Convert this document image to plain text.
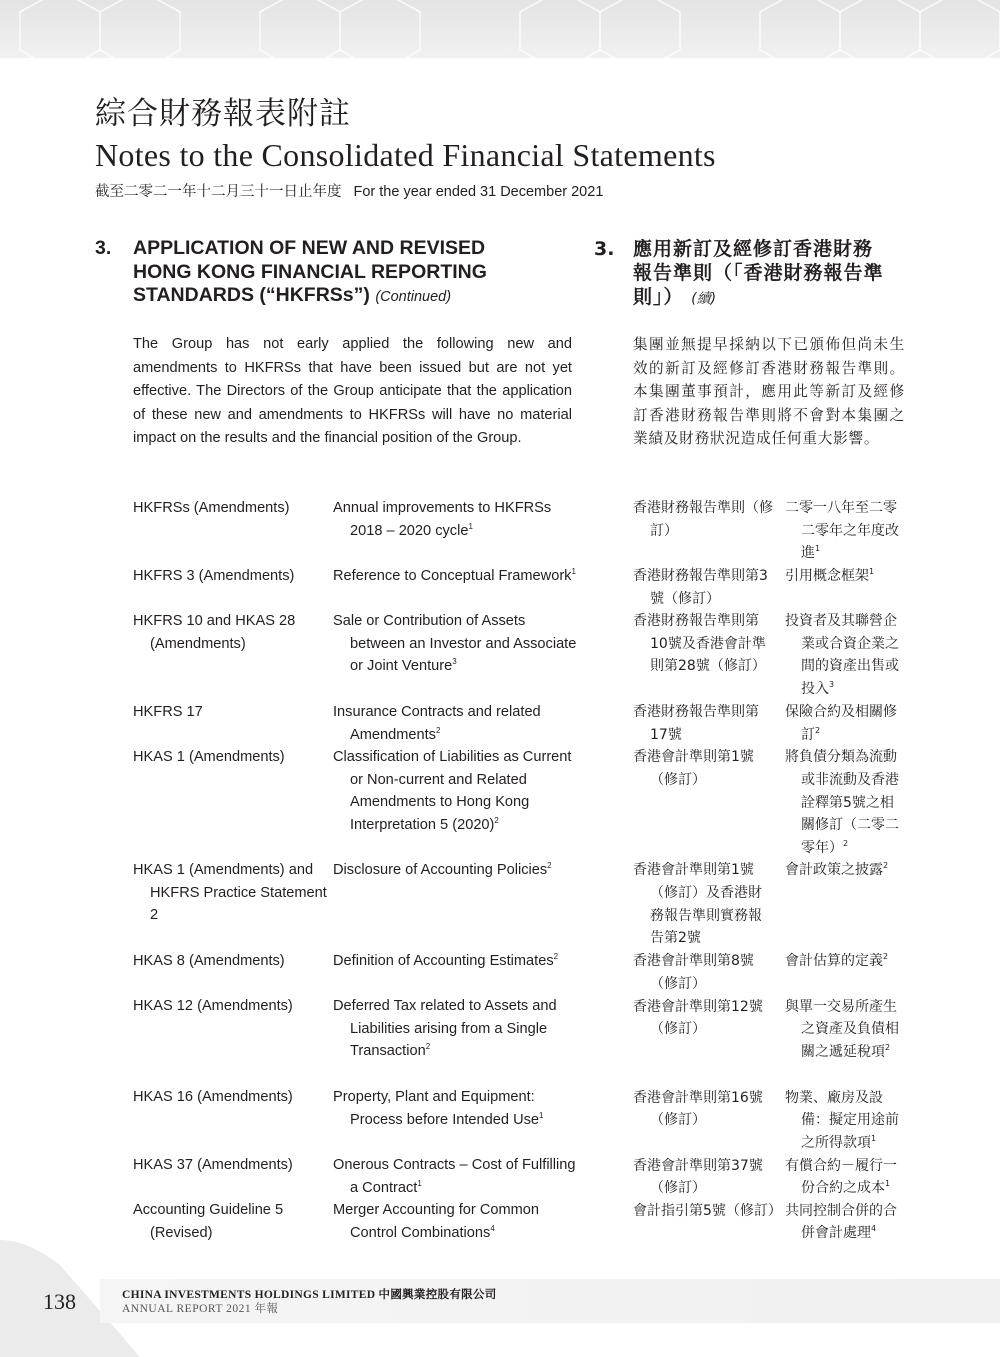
綜合財務報表附註
Notes to the Consolidated Financial Statements
截至二零二一年十二月三十一日止年度 For the year ended 31 December 2021
3. APPLICATION OF NEW AND REVISED
HONG KONG FINANCIAL REPORTING
STANDARDS (“HKFRSs”) (Continued)
3. 應用新訂及經修訂香港財務
報告準則（「香港財務報告準
則」） (續)

The Group has not early applied the following new and amendments to HKFRSs that have been issued but are not yet effective. The Directors of the Group anticipate that the application of these new and amendments to HKFRSs will have no material impact on the results and the financial position of the Group.

集團並無提早採納以下已頒佈但尚未生效的新訂及經修訂香港財務報告準則。本集團董事預計，應用此等新訂及經修訂香港財務報告準則將不會對本集團之業績及財務狀況造成任何重大影響。

HKFRSs (Amendments)	Annual improvements to HKFRSs 2018 – 2020 cycle$^1$

HKFRS 3 (Amendments)	Reference to Conceptual Framework$^1$

HKFRS 10 and HKAS 28 (Amendments)	Sale or Contribution of Assets between an Investor and Associate or Joint Venture$^3$

HKFRS 17	Insurance Contracts and related Amendments$^2$

HKAS 1 (Amendments)	Classification of Liabilities as Current or Non-current and Related Amendments to Hong Kong Interpretation 5 $(2020)^2$

HKAS 1 (Amendments) and HKFRS Practice Statement 2	Disclosure of Accounting Policies$^2$

HKAS 8 (Amendments)	Definition of Accounting Estimates$^2$

HKAS 12 (Amendments)	Deferred Tax related to Assets and Liabilities arising from a Single Transaction$^2$

HKAS 16 (Amendments)	Property, Plant and Equipment: Process before Intended Use$^1$

HKAS 37 (Amendments)	Onerous Contracts – Cost of Fulfilling a Contract$^1$

Accounting Guideline 5 (Revised)	Merger Accounting for Common Control Combinations$^4$
香港財務報告準則（修訂）	二零一八年至二零二零年之年度改進$^1$

香港財務報告準則第3號（修訂）	引用概念框架$^1$

香港財務報告準則第10號及香港會計準則第28號（修訂）	投資者及其聯營企業或合資企業之間的資產出售或投入$^3$

香港財務報告準則第17號	保險合約及相關修訂$^2$

香港會計準則第1號（修訂）	將負債分類為流動或非流動及香港詮釋第5號之相關修訂（二零二零年）$^2$

香港會計準則第1號（修訂）及香港財務報告準則實務報告第2號	會計政策之披露$^2$

香港會計準則第8號（修訂）	會計估算的定義$^2$

香港會計準則第12號（修訂）	與單一交易所產生之資產及負債相關之遞延稅項$^2$

香港會計準則第16號（修訂）	物業、廠房及設備：擬定用途前之所得款項$^1$

香港會計準則第37號（修訂）	有償合約－履行一份合約之成本$^1$

會計指引第5號（修訂）	共同控制合併的合併會計處理$^4$
138	CHINA INVESTMENTS HOLDINGS LIMITED 中國興業控股有限公司
ANNUAL REPORT 2021 年報
